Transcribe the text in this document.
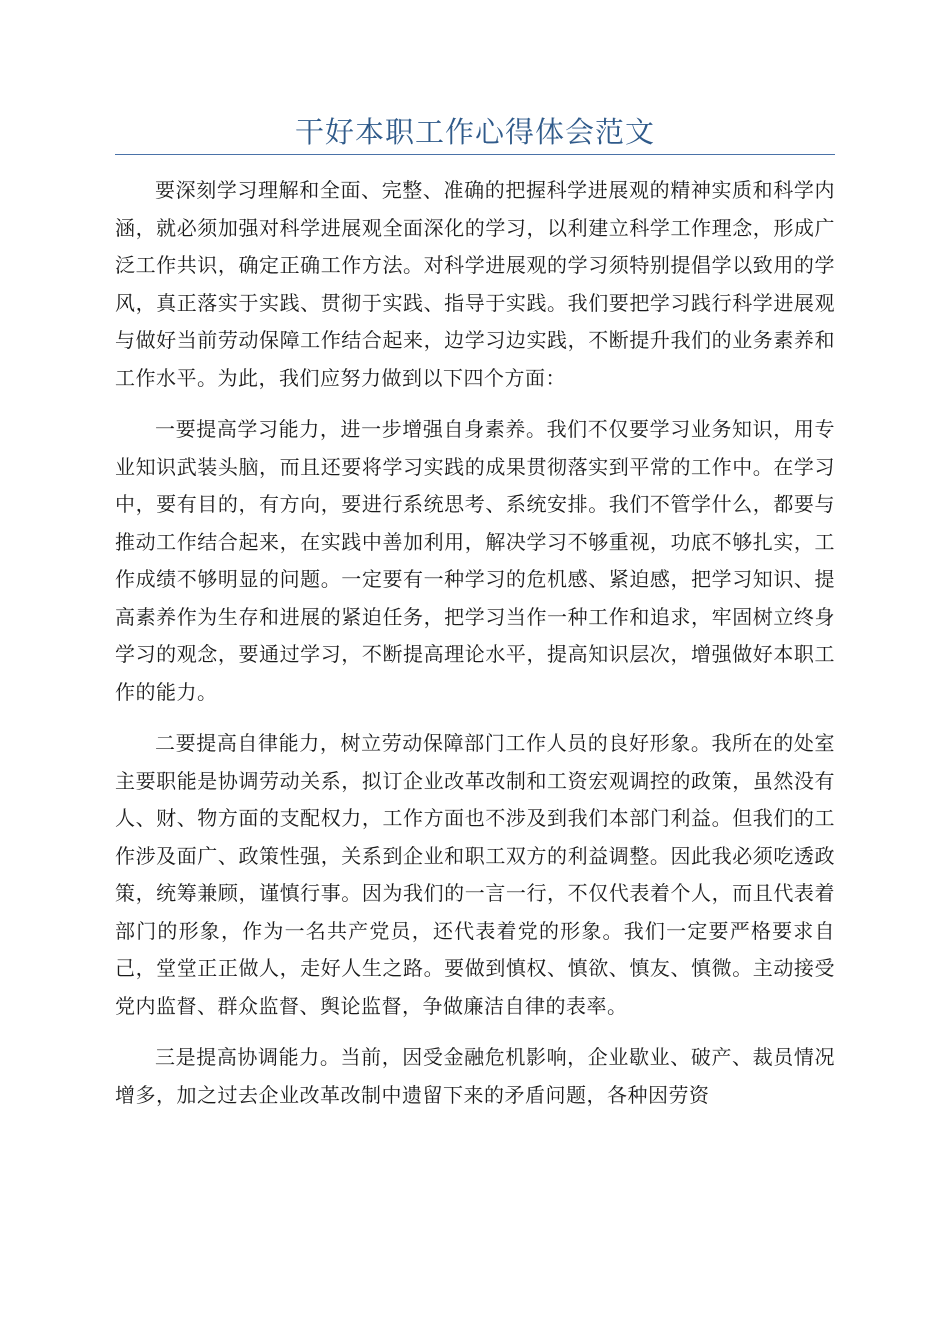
干好本职工作心得体会范文

要深刻学习理解和全面、完整、准确的把握科学进展观的精神实质和科学内涵，就必须加强对科学进展观全面深化的学习，以利建立科学工作理念，形成广泛工作共识，确定正确工作方法。对科学进展观的学习须特别提倡学以致用的学风，真正落实于实践、贯彻于实践、指导于实践。我们要把学习践行科学进展观与做好当前劳动保障工作结合起来，边学习边实践，不断提升我们的业务素养和工作水平。为此，我们应努力做到以下四个方面：

一要提高学习能力，进一步增强自身素养。我们不仅要学习业务知识，用专业知识武装头脑，而且还要将学习实践的成果贯彻落实到平常的工作中。在学习中，要有目的，有方向，要进行系统思考、系统安排。我们不管学什么，都要与推动工作结合起来，在实践中善加利用，解决学习不够重视，功底不够扎实，工作成绩不够明显的问题。一定要有一种学习的危机感、紧迫感，把学习知识、提高素养作为生存和进展的紧迫任务，把学习当作一种工作和追求，牢固树立终身学习的观念，要通过学习，不断提高理论水平，提高知识层次，增强做好本职工作的能力。

二要提高自律能力，树立劳动保障部门工作人员的良好形象。我所在的处室主要职能是协调劳动关系，拟订企业改革改制和工资宏观调控的政策，虽然没有人、财、物方面的支配权力，工作方面也不涉及到我们本部门利益。但我们的工作涉及面广、政策性强，关系到企业和职工双方的利益调整。因此我必须吃透政策，统筹兼顾，谨慎行事。因为我们的一言一行，不仅代表着个人，而且代表着部门的形象，作为一名共产党员，还代表着党的形象。我们一定要严格要求自己，堂堂正正做人，走好人生之路。要做到慎权、慎欲、慎友、慎微。主动接受党内监督、群众监督、舆论监督，争做廉洁自律的表率。

三是提高协调能力。当前，因受金融危机影响，企业歇业、破产、裁员情况增多，加之过去企业改革改制中遗留下来的矛盾问题，各种因劳资
